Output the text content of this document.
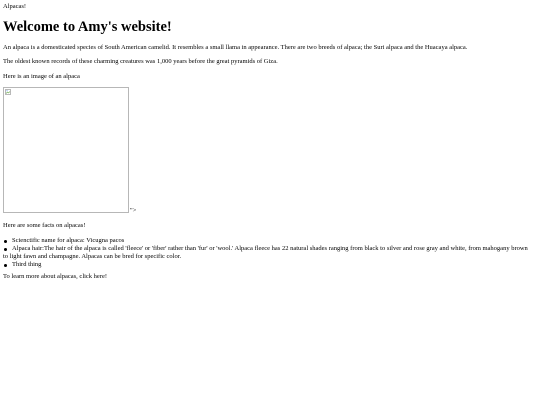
Alpacas!
Welcome to Amy's website!

An alpaca is a domesticated species of South American camelid. It resembles a small llama in appearance. There are two breeds of alpaca; the Suri alpaca and the Huacaya alpaca.

The oldest known records of these charming creatures was 1,000 years before the great pyramids of Giza.

Here is an image of an alpaca

">

Here are some facts on alpacas!

Scienctific name for alpaca: Vicugna pacos
Alpaca hair:The hair of the alpaca is called 'fleece' or 'fiber' rather than 'fur' or 'wool.' Alpaca fleece has 22 natural shades ranging from black to silver and rose gray and white, from mahogany brown to light fawn and champagne. Alpacas can be bred for specific color.
Third thing

To learn more about alpacas, click here!
